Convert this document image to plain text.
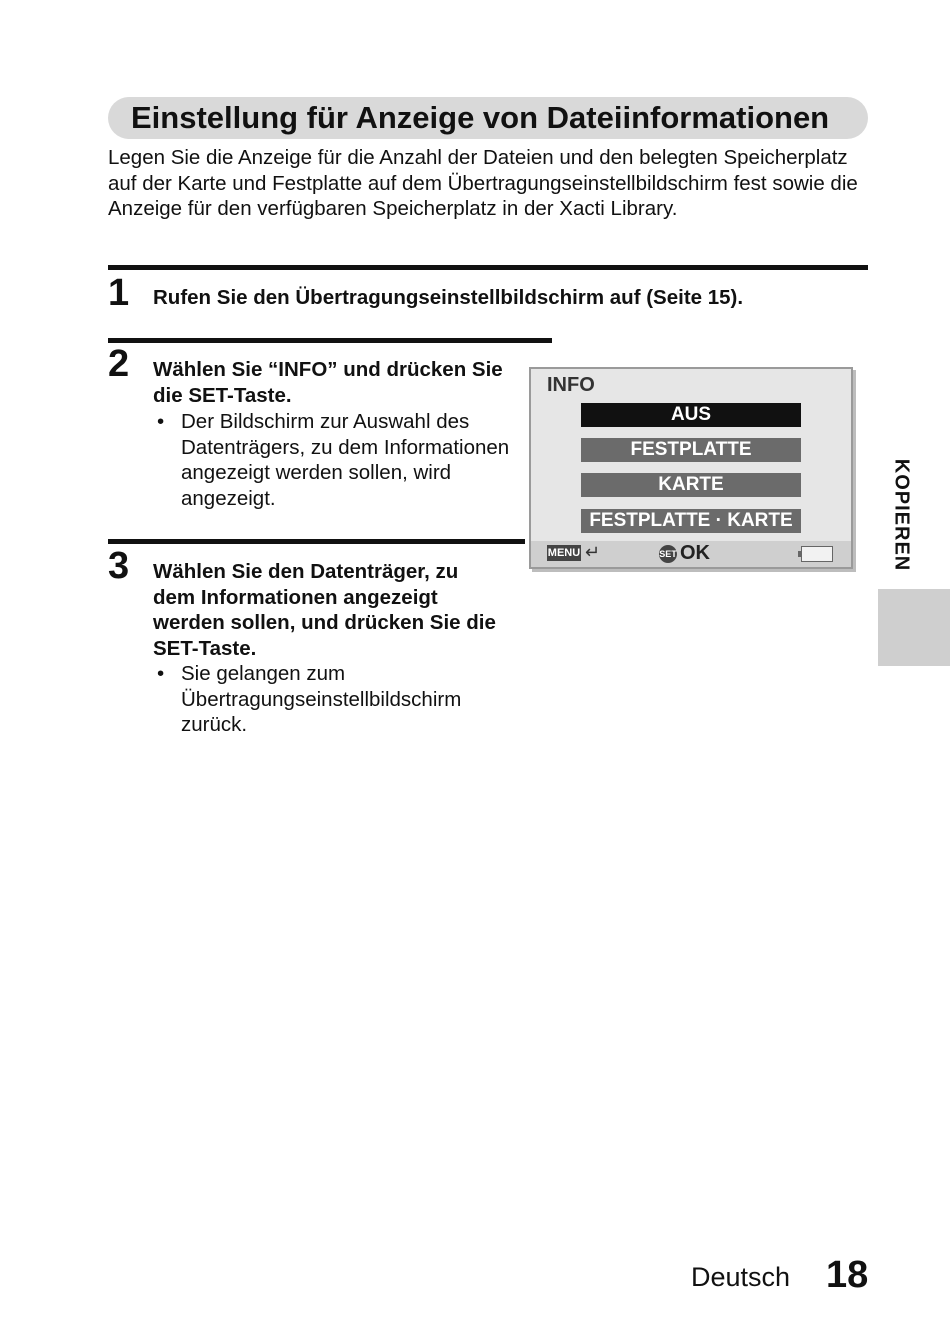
Einstellung für Anzeige von Dateiinformationen

Legen Sie die Anzeige für die Anzahl der Dateien und den belegten Speicherplatz auf der Karte und Festplatte auf dem Übertragungseinstellbildschirm fest sowie die Anzeige für den verfügbaren Speicherplatz in der Xacti Library.

1 Rufen Sie den Übertragungseinstellbildschirm auf (Seite 15).

2 Wählen Sie “INFO” und drücken Sie die SET-Taste.

• Der Bildschirm zur Auswahl des Datenträgers, zu dem Informationen angezeigt werden sollen, wird angezeigt.

3 Wählen Sie den Datenträger, zu dem Informationen angezeigt werden sollen, und drücken Sie die SET-Taste.

• Sie gelangen zum Übertragungseinstellbildschirm zurück.

INFO
AUS
FESTPLATTE
KARTE
FESTPLATTE · KARTE
MENU ↵	SET OK	KOPIEREN
Deutsch 18
